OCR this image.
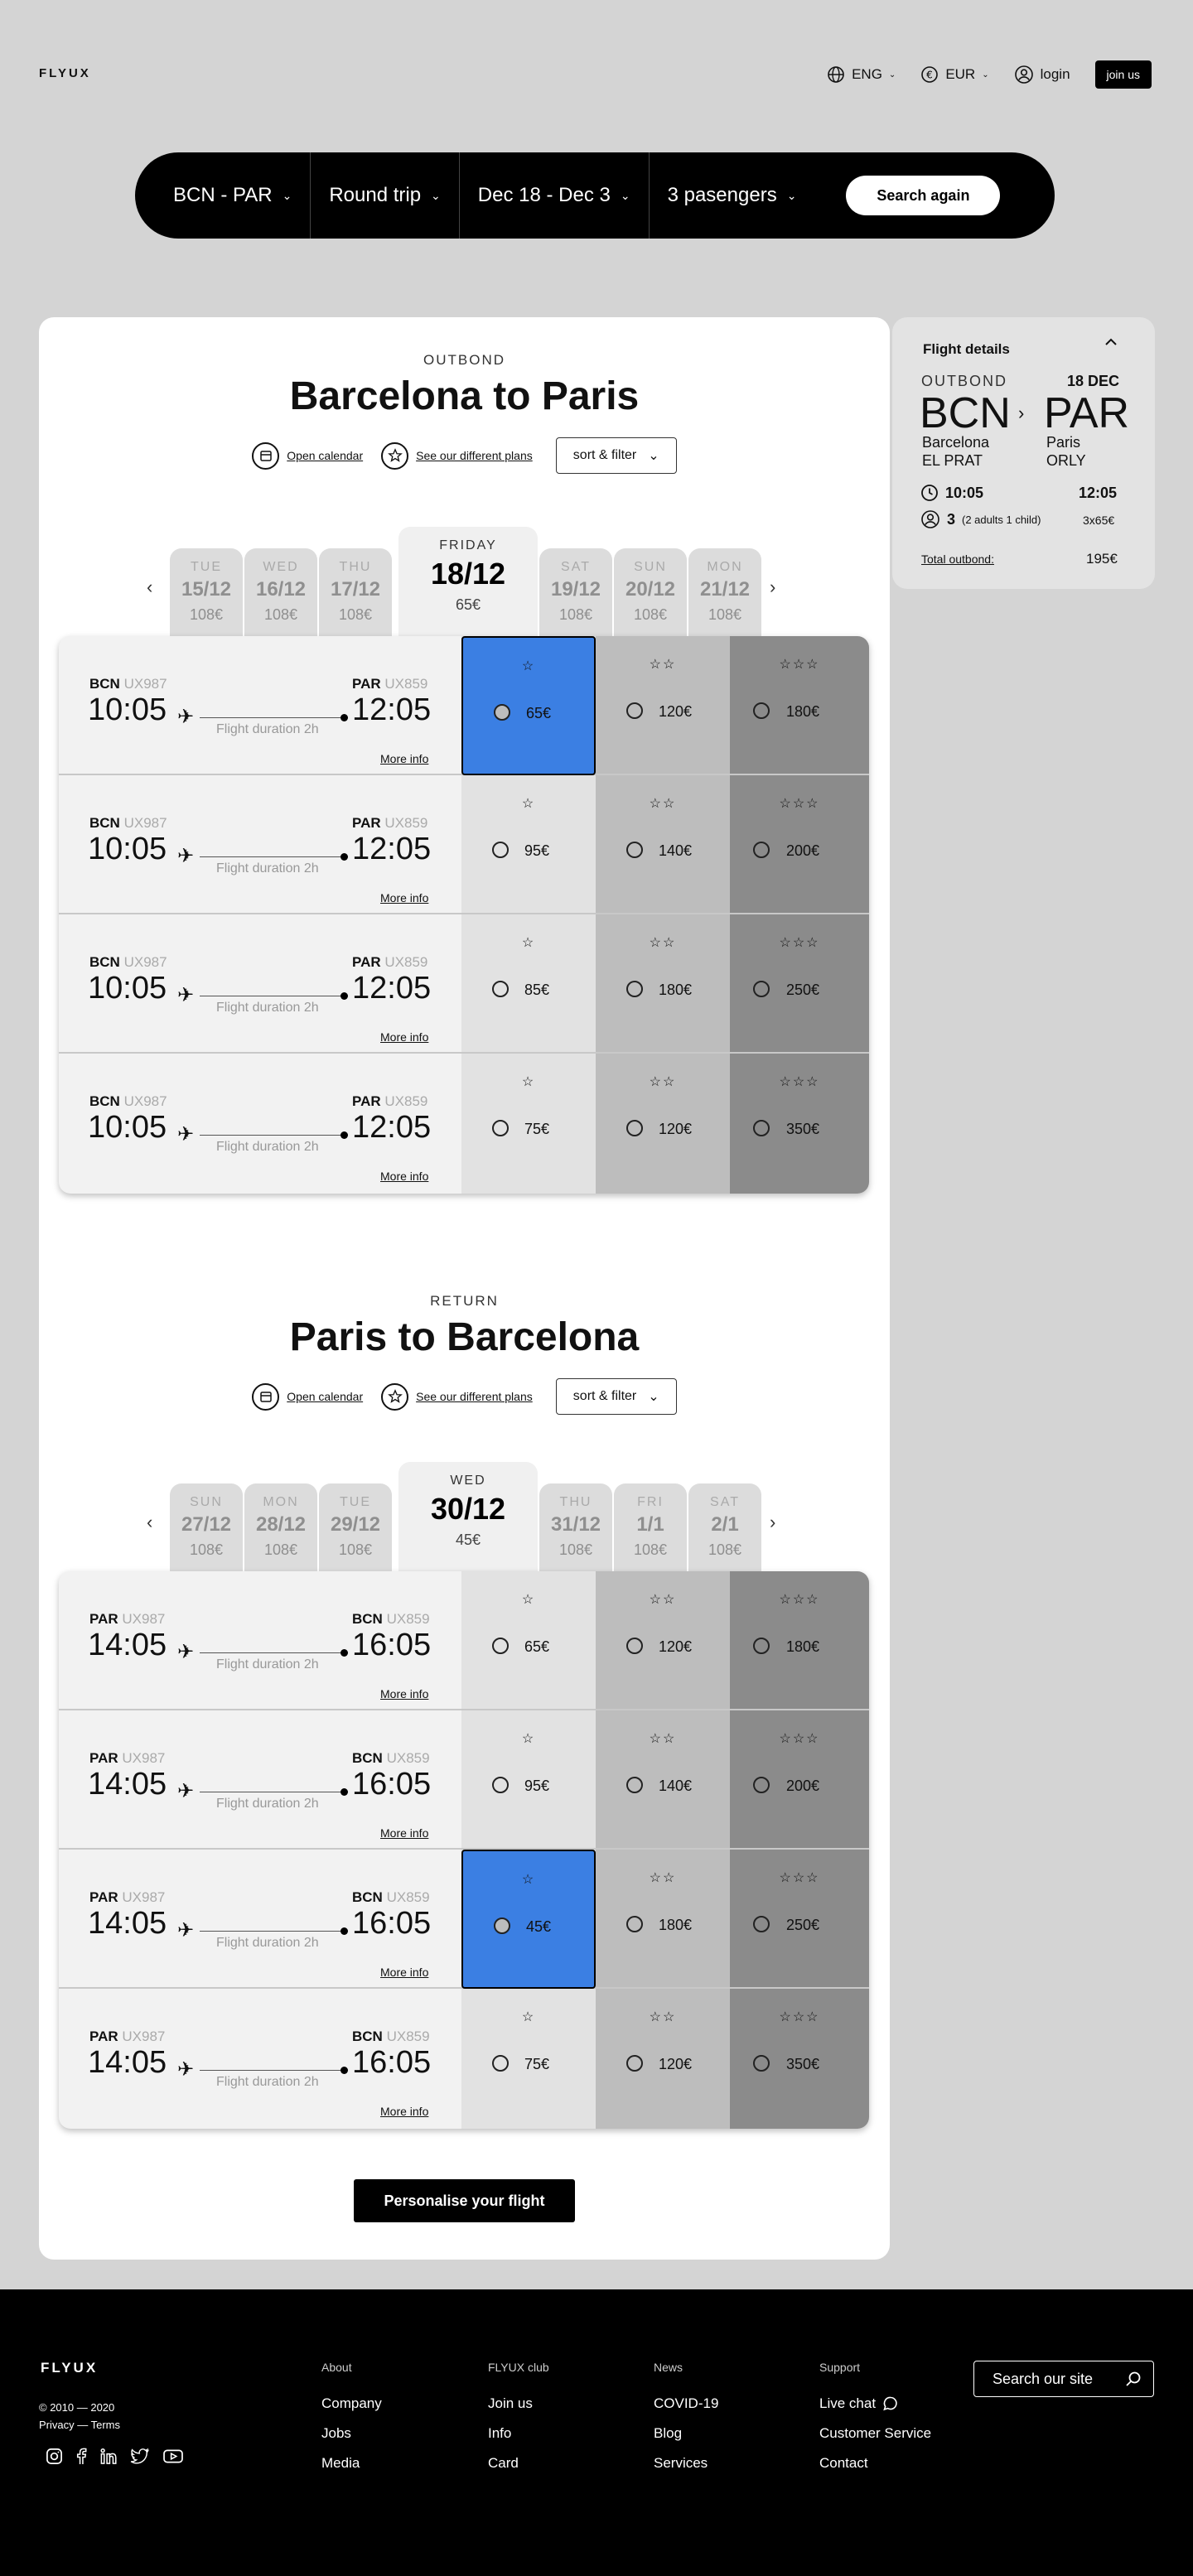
FLYUX	ENG ⌄	€ EUR ⌄	login	join us
BCN - PAR ⌄ Round trip ⌄ Dec 18 - Dec 3 ⌄ 3 pasengers ⌄	Search again
OUTBOND
Barcelona to Paris
Open calendar	See our different plans	sort & filter ⌄
‹
TUE
15/12
108€
WED
16/12
108€
THU
17/12
108€
FRIDAY
18/12
65€
SAT
19/12
108€
SUN
20/12
108€
MON
21/12
108€
›
BCN UX987	PAR UX859
10:05	12:05
✈
Flight duration 2h
More info
☆
65€
☆☆
120€
☆☆☆
180€
BCN UX987	PAR UX859
10:05	12:05
✈
Flight duration 2h
More info
☆
95€
☆☆
140€
☆☆☆
200€
BCN UX987	PAR UX859
10:05	12:05
✈
Flight duration 2h
More info
☆
85€
☆☆
180€
☆☆☆
250€
BCN UX987	PAR UX859
10:05	12:05
✈
Flight duration 2h
More info
☆
75€
☆☆
120€
☆☆☆
350€
RETURN
Paris to Barcelona
Open calendar	See our different plans	sort & filter ⌄
‹
SUN
27/12
108€
MON
28/12
108€
TUE
29/12
108€
WED
30/12
45€
THU
31/12
108€
FRI
1/1
108€
SAT
2/1
108€
›
PAR UX987	BCN UX859
14:05	16:05
✈
Flight duration 2h
More info
☆
65€
☆☆
120€
☆☆☆
180€
PAR UX987	BCN UX859
14:05	16:05
✈
Flight duration 2h
More info
☆
95€
☆☆
140€
☆☆☆
200€
PAR UX987	BCN UX859
14:05	16:05
✈
Flight duration 2h
More info
☆
45€
☆☆
180€
☆☆☆
250€
PAR UX987	BCN UX859
14:05	16:05
✈
Flight duration 2h
More info
☆
75€
☆☆
120€
☆☆☆
350€
Personalise your flight
Flight details
OUTBOND	18 DEC
BCN › PAR
Barcelona
EL PRAT
Paris
ORLY
10:05	12:05
3 (2 adults 1 child)	3x65€
Total outbond:	195€
FLYUX
© 2010 — 2020
Privacy — Terms
About
Company
Jobs
Media
FLYUX club
Join us
Info
Card
News
COVID-19
Blog
Services
Support
Live chat
Customer Service
Contact
Search our site
